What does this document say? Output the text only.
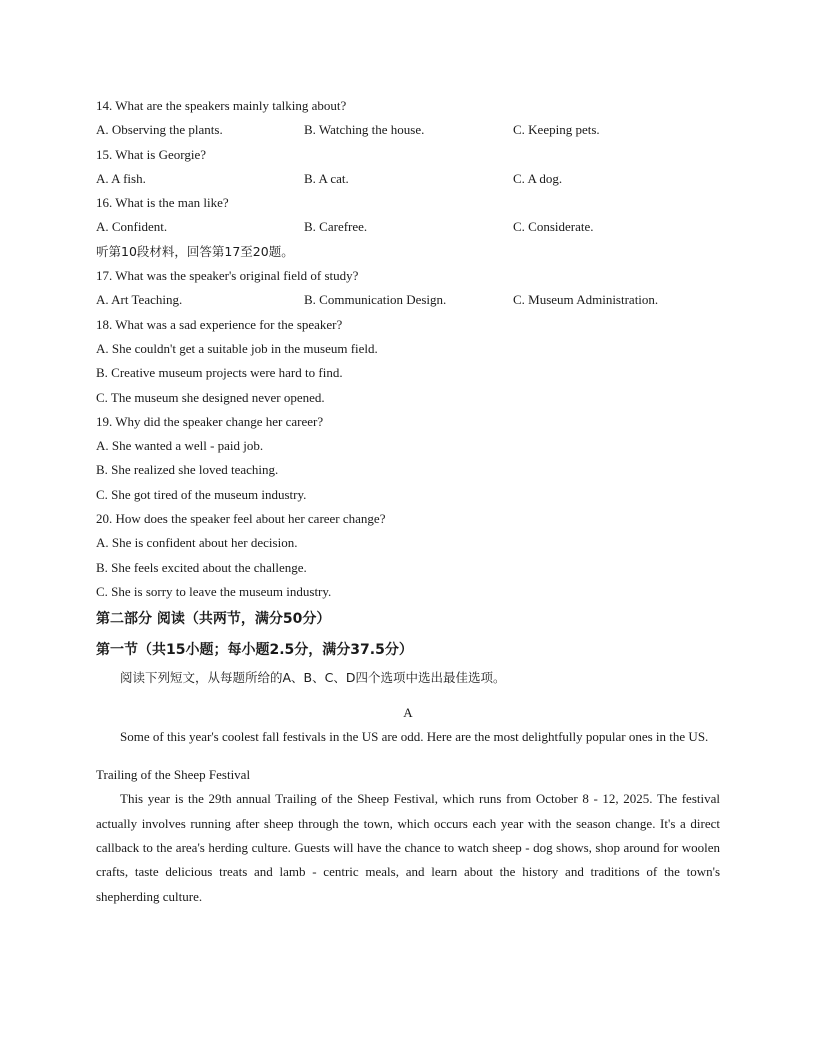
14. What are the speakers mainly talking about?
A. Observing the plants.	B. Watching the house.	C. Keeping pets.
15. What is Georgie?
A. A fish.	B. A cat.	C. A dog.
16. What is the man like?
A. Confident.	B. Carefree.	C. Considerate.
听第10段材料，回答第17至20题。
17. What was the speaker's original field of study?
A. Art Teaching.	B. Communication Design.	C. Museum Administration.
18. What was a sad experience for the speaker?
A. She couldn't get a suitable job in the museum field.
B. Creative museum projects were hard to find.
C. The museum she designed never opened.
19. Why did the speaker change her career?
A. She wanted a well - paid job.
B. She realized she loved teaching.
C. She got tired of the museum industry.
20. How does the speaker feel about her career change?
A. She is confident about her decision.
B. She feels excited about the challenge.
C. She is sorry to leave the museum industry.
第二部分 阅读（共两节，满分50分）
第一节（共15小题；每小题2.5分，满分37.5分）
阅读下列短文，从每题所给的A、B、C、D四个选项中选出最佳选项。
A
Some of this year's coolest fall festivals in the US are odd. Here are the most delightfully popular ones in the US.
Trailing of the Sheep Festival
This year is the 29th annual Trailing of the Sheep Festival, which runs from October 8 - 12, 2025. The festival actually involves running after sheep through the town, which occurs each year with the season change. It's a direct callback to the area's herding culture. Guests will have the chance to watch sheep - dog shows, shop around for woolen crafts, taste delicious treats and lamb - centric meals, and learn about the history and traditions of the town's shepherding culture.
